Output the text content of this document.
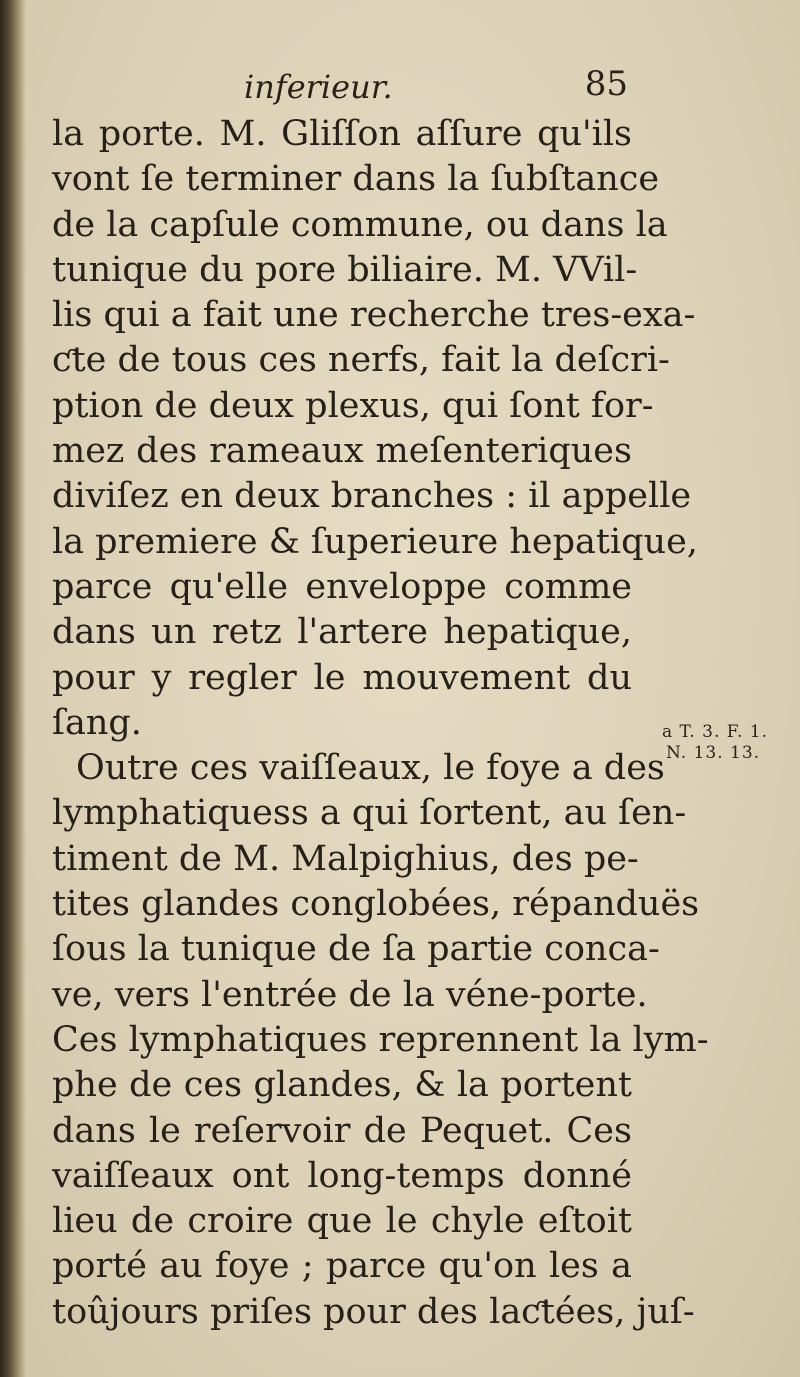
inferieur.	85
la porte. M. Gliſſon aſſure qu'ils
vont ſe terminer dans la ſubſtance
de la capſule commune, ou dans la
tunique du pore biliaire. M. VVil-
lis qui a fait une recherche tres-exa-
ƈte de tous ces nerfs, fait la deſcri-
ption de deux plexus, qui ſont for-
mez des rameaux meſenteriques
diviſez en deux branches : il appelle
la premiere & ſuperieure hepatique,
parce qu'elle enveloppe comme
dans un retz l'artere hepatique,
pour y regler le mouvement du
ſang.
Outre ces vaiſſeaux, le foye a des
lymphatiquess a qui ſortent, au ſen-
timent de M. Malpighius, des pe-
tites glandes conglobées, répanduës
ſous la tunique de ſa partie conca-
ve, vers l'entrée de la véne-porte.
Ces lymphatiques reprennent la lym-
phe de ces glandes, & la portent
dans le reſervoir de Pequet. Ces
vaiſſeaux ont long-temps donné
lieu de croire que le chyle eſtoit
porté au foye ; parce qu'on les a
toûjours priſes pour des laƈtées, juſ-
a T. 3. F. 1.
N. 13. 13.
